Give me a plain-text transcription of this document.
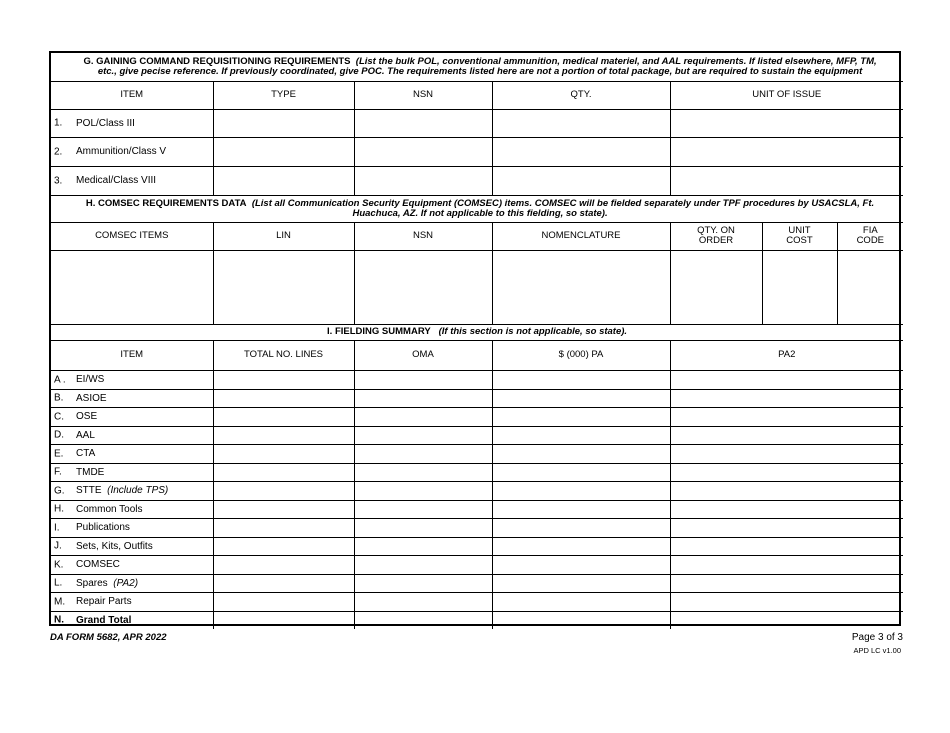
G. GAINING COMMAND REQUISITIONING REQUIREMENTS (List the bulk POL, conventional ammunition, medical materiel, and AAL requirements. If listed elsewhere, MFP, TM, etc., give pecise reference. If previously coordinated, give POC. The requirements listed here are not a portion of total package, but are required to sustain the equipment						
ITEM	TYPE	NSN	QTY.	UNIT OF ISSUE		

1. POL/Class III						

2. Ammunition/Class V						

3. Medical/Class VIII						
H. COMSEC REQUIREMENTS DATA (List all Communication Security Equipment (COMSEC) items. COMSEC will be fielded separately under TPF procedures by USACSLA, Ft. Huachuca, AZ. If not applicable to this fielding, so state).						
COMSEC ITEMS	LIN	NSN	NOMENCLATURE	QTY. ON ORDER	UNIT COST	FIA CODE

I. FIELDING SUMMARY (If this section is not applicable, so state).						
ITEM	TOTAL NO. LINES	OMA	$ (000) PA	PA2		

A . EI/WS						

B. ASIOE						

C. OSE						

D. AAL						

E. CTA						

F. TMDE						

G. STTE (Include TPS)						

H. Common Tools						

I. Publications						

J. Sets, Kits, Outfits						

K. COMSEC						

L. Spares (PA2)						

M. Repair Parts						

N. Grand Total						
DA FORM 5682, APR 2022	Page 3 of 3
APD LC v1.00
